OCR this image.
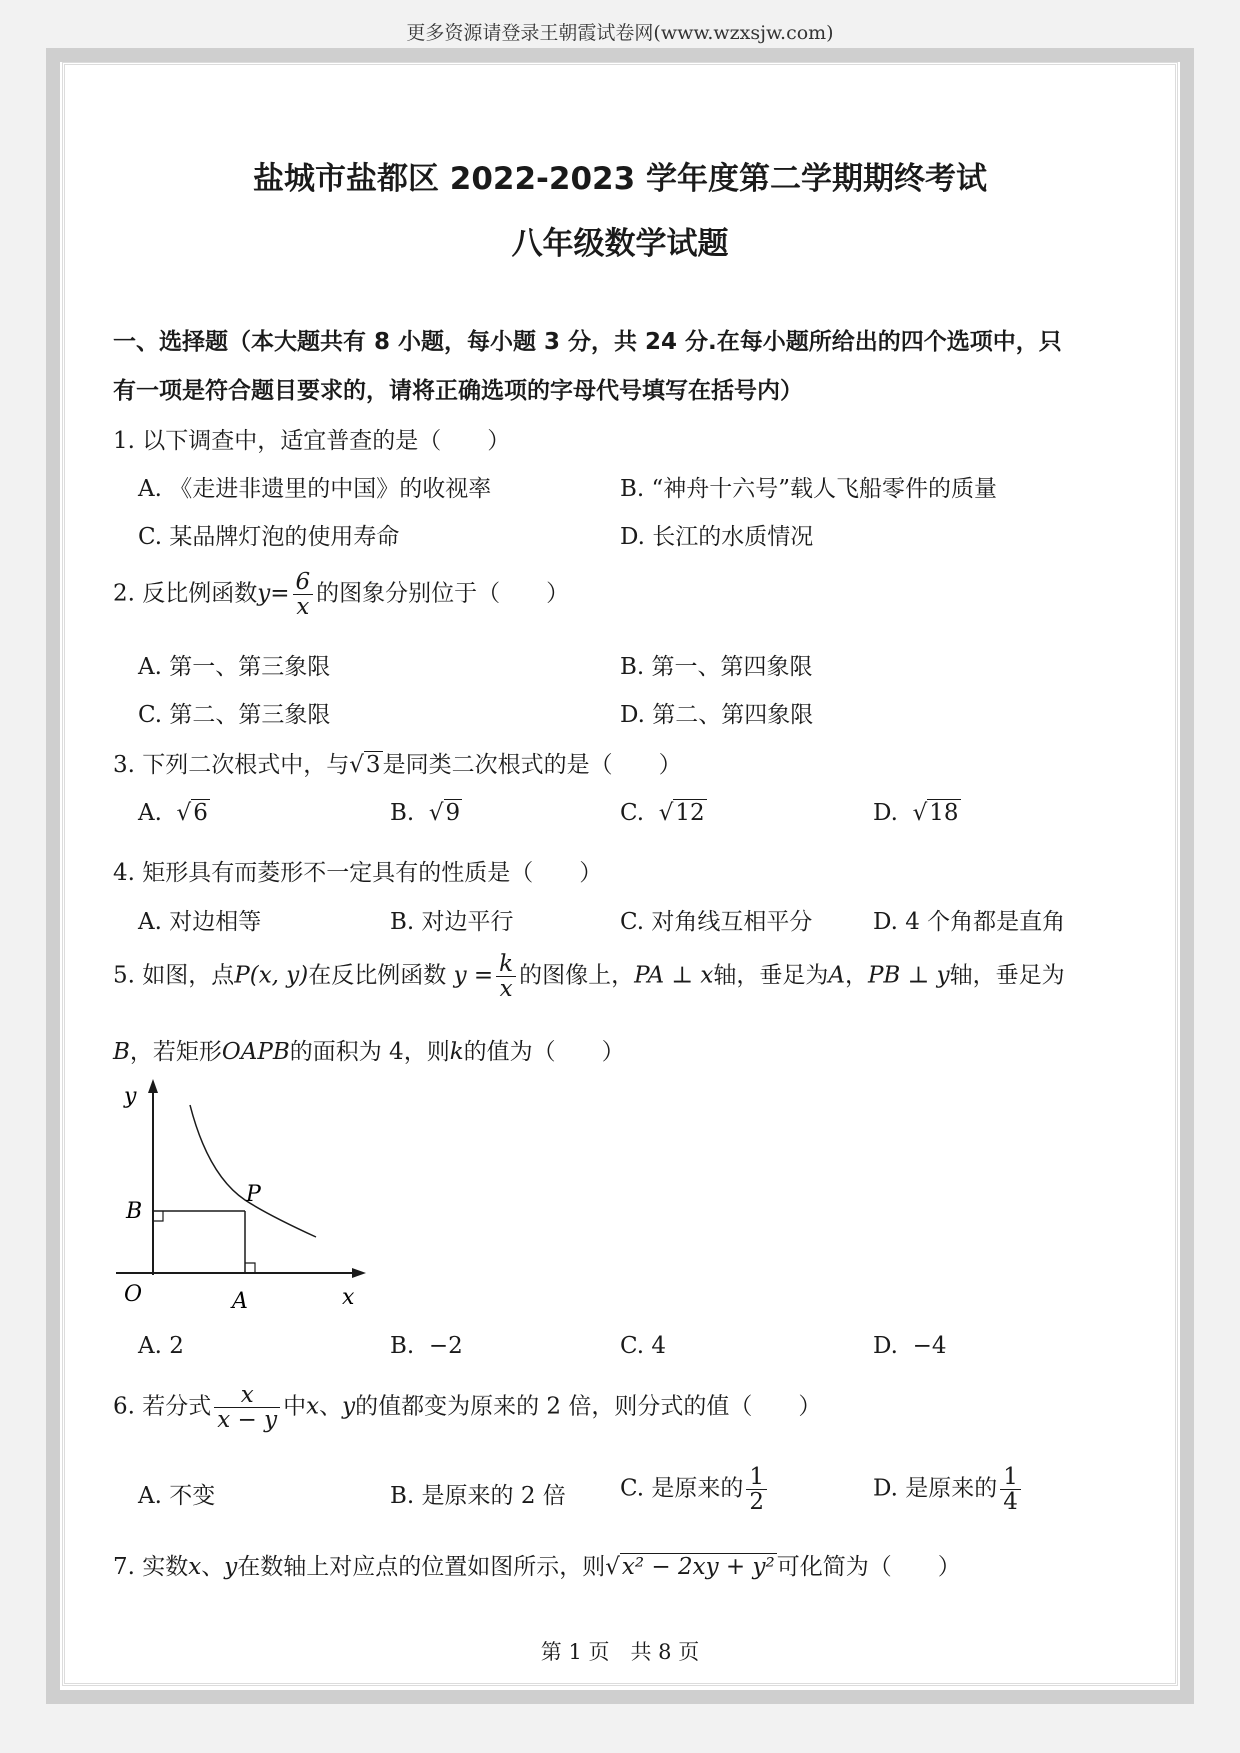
更多资源请登录王朝霞试卷网(www.wzxsjw.com)
盐城市盐都区 2022-2023 学年度第二学期期终考试
八年级数学试题
一、选择题（本大题共有 8 小题，每小题 3 分，共 24 分.在每小题所给出的四个选项中，只
有一项是符合题目要求的，请将正确选项的字母代号填写在括号内）
1. 以下调查中，适宜普查的是（　　）
A. 《走进非遗里的中国》的收视率	B. “神舟十六号”载人飞船零件的质量
C. 某品牌灯泡的使用寿命	D. 长江的水质情况
2. 反比例函数$y= \frac{6}{x}$ 的图象分别位于（　　）
A. 第一、第三象限	B. 第一、第四象限
C. 第二、第三象限	D. 第二、第四象限
3. 下列二次根式中，与√3是同类二次根式的是（　　）
A. √6	B. √9	C. √12	D. √18
4. 矩形具有而菱形不一定具有的性质是（　　）
A. 对边相等	B. 对边平行	C. 对角线互相平分	D. 4 个角都是直角
5. 如图，点P(x, y)在反比例函数 $y = \frac{k}{x}$ 的图像上，PA ⊥ x轴，垂足为A，PB ⊥ y轴，垂足为
B，若矩形OAPB的面积为 4，则k的值为（　　）
y
x
O	A
B
P
A. 2	B. −2	C. 4	D. −4
6. 若分式 $\frac{x}{x - y}$ 中x、y的值都变为原来的 2 倍，则分式的值（　　）
A. 不变	B. 是原来的 2 倍 C. 是原来的 $\frac{1}{2}$	D. 是原来的 $\frac{1}{4}$
7. 实数x、y在数轴上对应点的位置如图所示，则√x² − 2xy + y²可化简为（　　）
第 1 页　共 8 页
